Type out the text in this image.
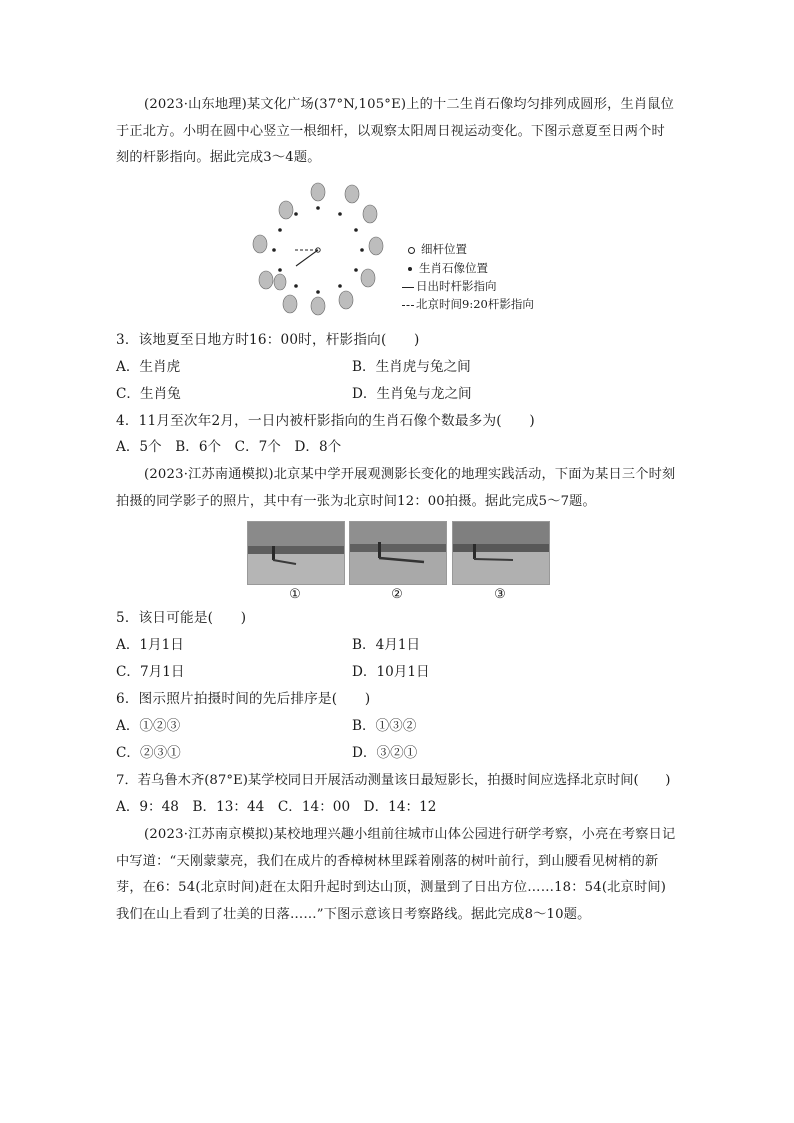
(2023·山东地理)某文化广场(37°N,105°E)上的十二生肖石像均匀排列成圆形，生肖鼠位于正北方。小明在圆中心竖立一根细杆，以观察太阳周日视运动变化。下图示意夏至日两个时刻的杆影指向。据此完成3～4题。
细杆位置
生肖石像位置
日出时杆影指向
北京时间9:20杆影指向
3．该地夏至日地方时16：00时，杆影指向(　　)
A．生肖虎	B．生肖虎与兔之间
C．生肖兔	D．生肖兔与龙之间
4．11月至次年2月，一日内被杆影指向的生肖石像个数最多为(　　)
A．5个　B．6个　C．7个　D．8个
(2023·江苏南通模拟)北京某中学开展观测影长变化的地理实践活动，下面为某日三个时刻拍摄的同学影子的照片，其中有一张为北京时间12：00拍摄。据此完成5～7题。
①	②	③
5．该日可能是(　　)
A．1月1日	B．4月1日
C．7月1日	D．10月1日
6．图示照片拍摄时间的先后排序是(　　)
A．①②③	B．①③②
C．②③①	D．③②①
7．若乌鲁木齐(87°E)某学校同日开展活动测量该日最短影长，拍摄时间应选择北京时间(　　)
A．9：48　B．13：44　C．14：00　D．14：12
(2023·江苏南京模拟)某校地理兴趣小组前往城市山体公园进行研学考察，小亮在考察日记中写道：“天刚蒙蒙亮，我们在成片的香樟树林里踩着刚落的树叶前行，到山腰看见树梢的新芽，在6：54(北京时间)赶在太阳升起时到达山顶，测量到了日出方位……18：54(北京时间)我们在山上看到了壮美的日落……”下图示意该日考察路线。据此完成8～10题。
